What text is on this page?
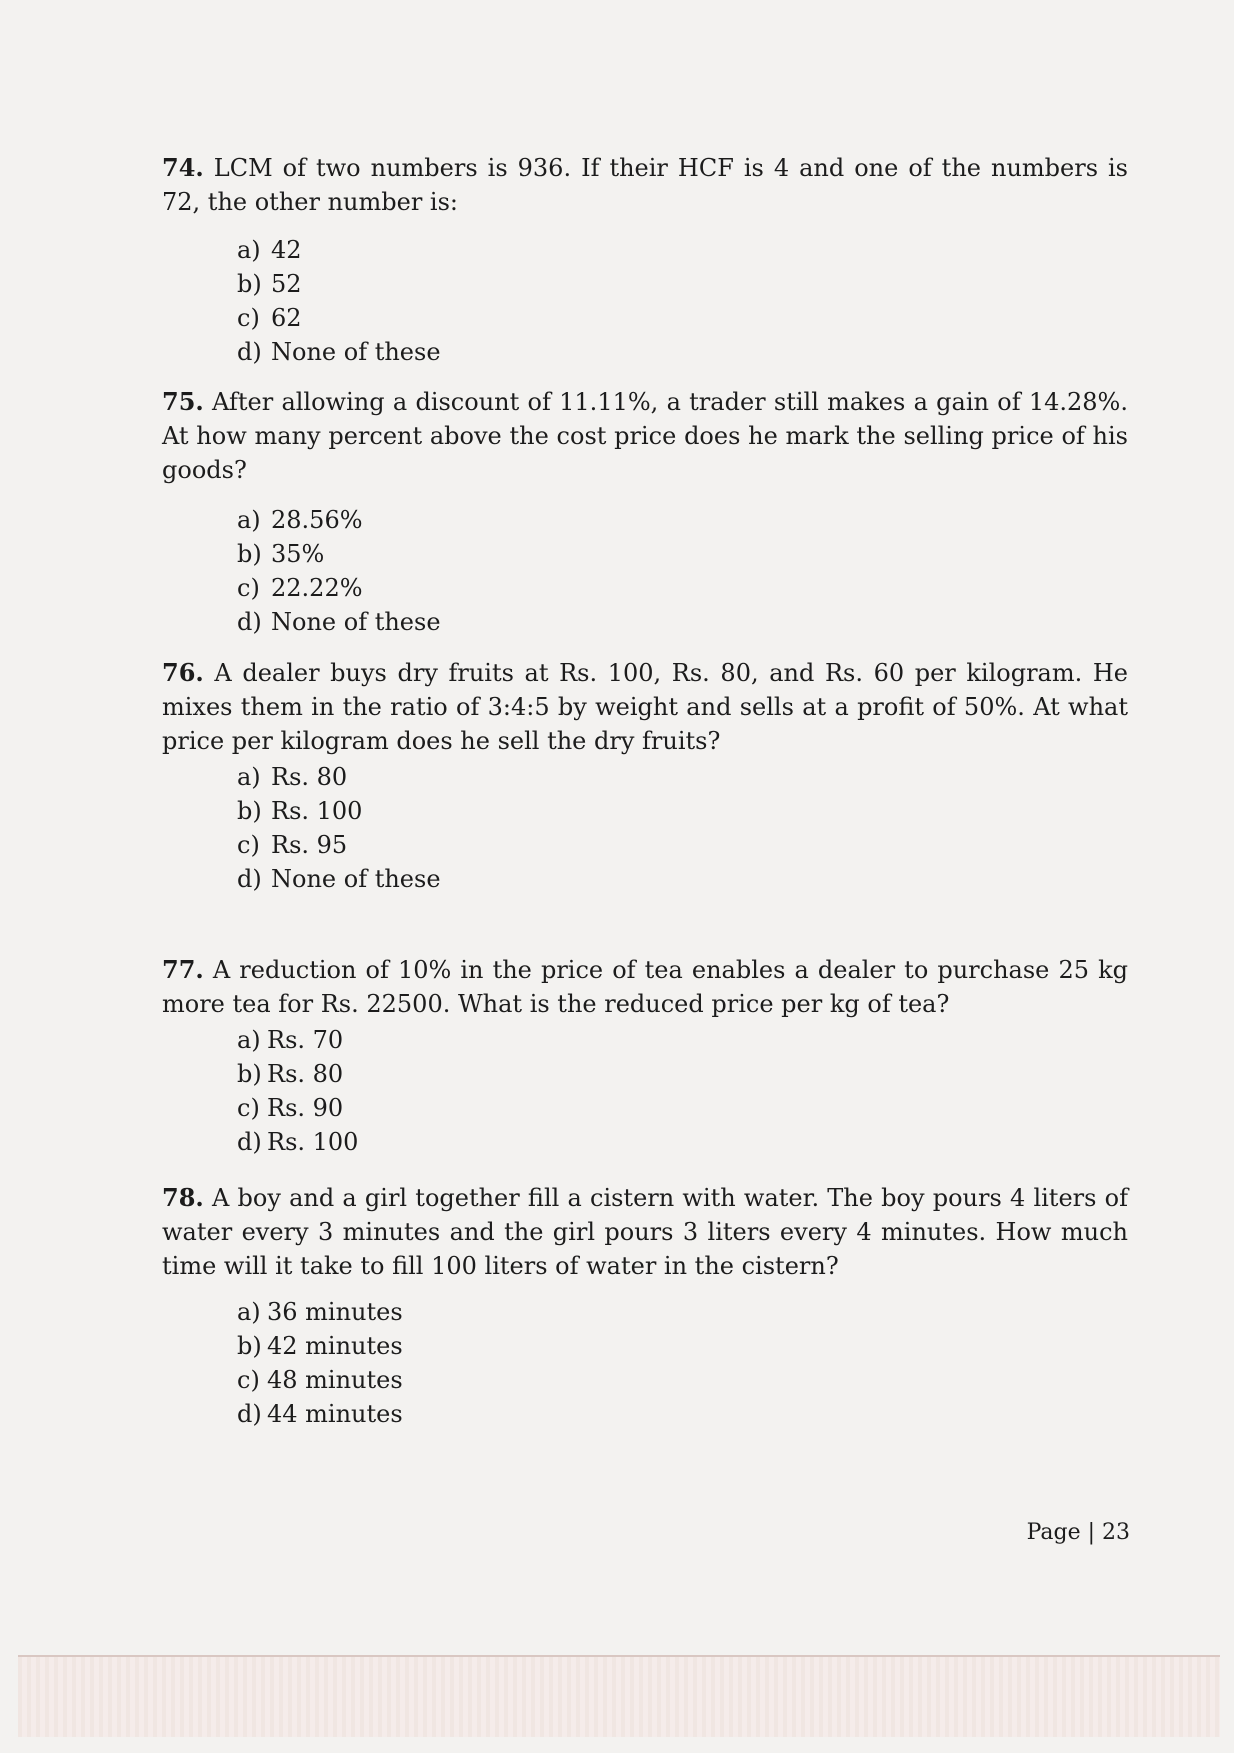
74. LCM of two numbers is 936. If their HCF is 4 and one of the numbers is 72, the other number is:

a) 42
b) 52
c) 62
d) None of these

75. After allowing a discount of 11.11%, a trader still makes a gain of 14.28%. At how many percent above the cost price does he mark the selling price of his goods?

a) 28.56%
b) 35%
c) 22.22%
d) None of these

76. A dealer buys dry fruits at Rs. 100, Rs. 80, and Rs. 60 per kilogram. He mixes them in the ratio of 3:4:5 by weight and sells at a profit of 50%. At what price per kilogram does he sell the dry fruits?

a) Rs. 80
b) Rs. 100
c) Rs. 95
d) None of these

77. A reduction of 10% in the price of tea enables a dealer to purchase 25 kg more tea for Rs. 22500. What is the reduced price per kg of tea?

a) Rs. 70
b) Rs. 80
c) Rs. 90
d) Rs. 100

78. A boy and a girl together fill a cistern with water. The boy pours 4 liters of water every 3 minutes and the girl pours 3 liters every 4 minutes. How much time will it take to fill 100 liters of water in the cistern?

a) 36 minutes
b) 42 minutes
c) 48 minutes
d) 44 minutes
Page | 23
